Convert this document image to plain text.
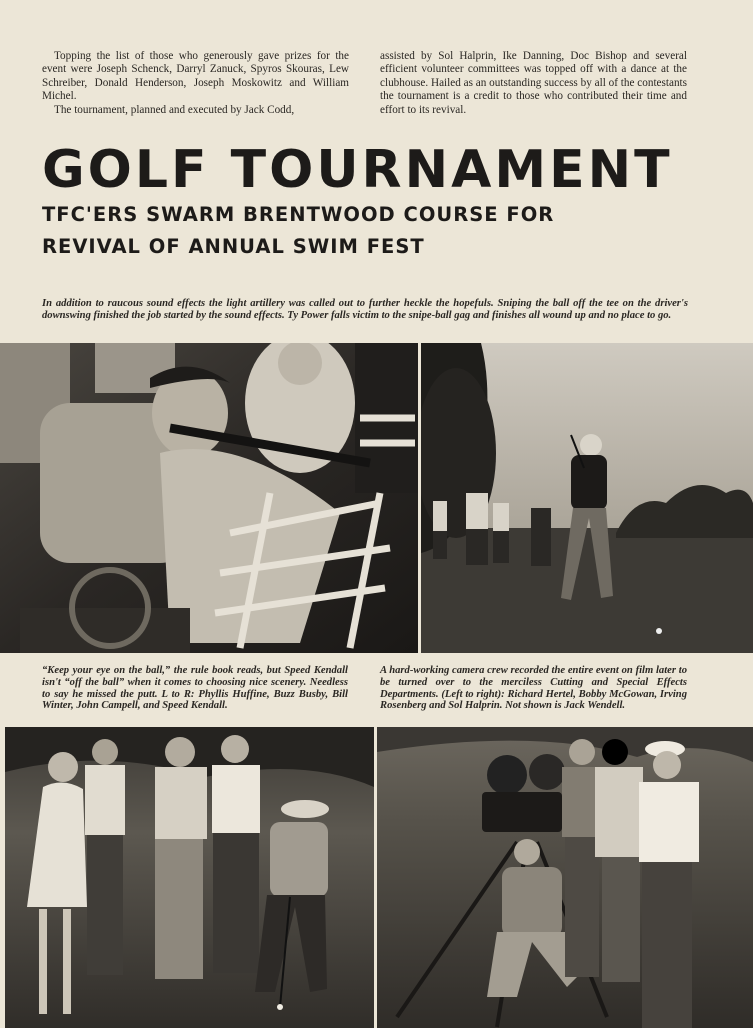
Topping the list of those who generously gave prizes for the event were Joseph Schenck, Darryl Zanuck, Spyros Skouras, Lew Schreiber, Donald Henderson, Joseph Moskowitz and William Michel.

The tournament, planned and executed by Jack Codd,

assisted by Sol Halprin, Ike Danning, Doc Bishop and several efficient volunteer committees was topped off with a dance at the clubhouse. Hailed as an outstanding success by all of the contestants the tournament is a credit to those who contributed their time and effort to its revival.

GOLF TOURNAMENT
TFC'ERS SWARM BRENTWOOD COURSE FOR
REVIVAL OF ANNUAL SWIM FEST

In addition to raucous sound effects the light artillery was called out to further heckle the hopefuls. Sniping the ball off the tee on the driver's downswing finished the job started by the sound effects. Ty Power falls victim to the snipe-ball gag and finishes all wound up and no place to go.

“Keep your eye on the ball,” the rule book reads, but Speed Kendall isn't “off the ball” when it comes to choosing nice scenery. Needless to say he missed the putt. L to R: Phyllis Huffine, Buzz Busby, Bill Winter, John Campell, and Speed Kendall.

A hard-working camera crew recorded the entire event on film later to be turned over to the merciless Cutting and Special Effects Departments. (Left to right): Richard Hertel, Bobby McGowan, Irving Rosenberg and Sol Halprin. Not shown is Jack Wendell.
